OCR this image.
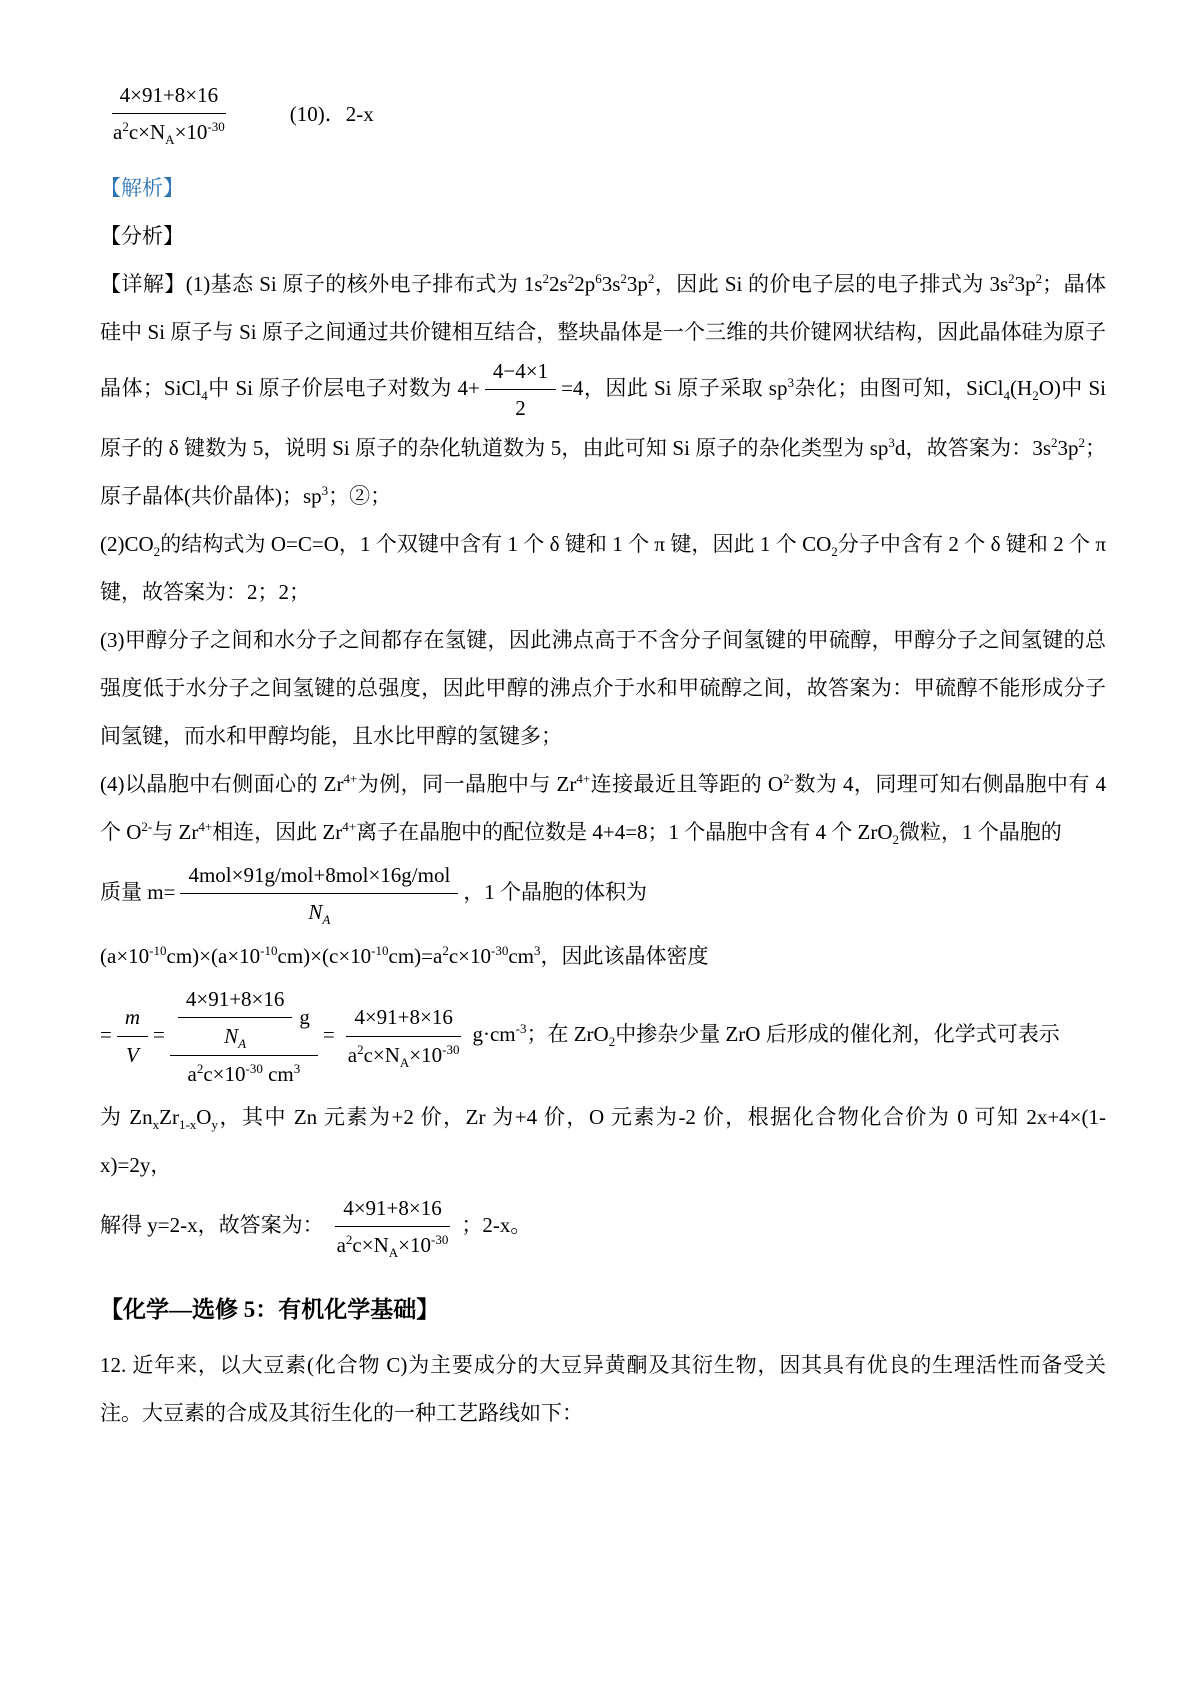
$\frac{4\times 91+8\times 16}{a^2c\times N_A\times 10^{-30}}$	(10)．2-x

【解析】

【分析】

【详解】(1)基态 Si 原子的核外电子排布式为 $1s^22s^22p^63s^23p^2$，因此 Si 的价电子层的电子排式为 $3s^23p^2$；晶体硅中 Si 原子与 Si 原子之间通过共价键相互结合，整块晶体是一个三维的共价键网状结构，因此晶体硅为原子晶体；SiCl$_4$中 Si 原子价层电子对数为 $4+ \frac{4-4\times 1}{2} =4$，因此 Si 原子采取 $sp^3$杂化；由图可知，$SiCl_4(H_2O)$中 Si 原子的 δ 键数为 5，说明 Si 原子的杂化轨道数为 5，由此可知 Si 原子的杂化类型为 $sp^3d$，故答案为：$3s^23p^2$；原子晶体(共价晶体)；$sp^3$；②；

$(2)CO_2$的结构式为 O=C=O，1 个双键中含有 1 个 δ 键和 1 个 π 键，因此 1 个 $CO_2$分子中含有 2 个 δ 键和 2 个 π 键，故答案为：2；2；

(3)甲醇分子之间和水分子之间都存在氢键，因此沸点高于不含分子间氢键的甲硫醇，甲醇分子之间氢键的总强度低于水分子之间氢键的总强度，因此甲醇的沸点介于水和甲硫醇之间，故答案为：甲硫醇不能形成分子间氢键，而水和甲醇均能，且水比甲醇的氢键多；

(4)以晶胞中右侧面心的 $Zr^{4+}$为例，同一晶胞中与 $Zr^{4+}$连接最近且等距的 $O^{2-}$数为 4，同理可知右侧晶胞中有 4 个 $O^{2-}$与 $Zr^{4+}$相连，因此 $Zr^{4+}$离子在晶胞中的配位数是 4+4=8；1 个晶胞中含有 4 个 ZrO$_2$微粒，1 个晶胞的

质量 $m= \frac{\text{4mol×91g/mol+8mol×16g/mol}}{N_A}$ ，1 个晶胞的体积为

$(a\times 10^{-10}cm)\times(a\times 10^{-10}cm)\times(c\times 10^{-10}cm)=a^2c\times 10^{-30}cm^3$，因此该晶体密度

= $\frac{m}{V} = \frac{\frac{4\times 91+8\times 16}{N_A} g}{a^2c\times 10^{-30} cm^3} = \frac{4\times 91+8\times 16}{a^2c\times N_A\times 10^{-30}} g\cdot cm^{-3}$；在 ZrO$_2$中掺杂少量 ZrO 后形成的催化剂，化学式可表示

为 $Zn_xZr_{1-x}O_y$，其中 Zn 元素为+2 价，Zr 为+4 价，O 元素为-2 价，根据化合物化合价为 0 可知 2x+4×(1-x)=2y，

解得 y=2-x，故答案为： $\frac{4\times 91+8\times 16}{a^2c\times N_A\times 10^{-30}}$ ；2-x。
【化学—选修 5：有机化学基础】

12. 近年来，以大豆素(化合物 C)为主要成分的大豆异黄酮及其衍生物，因其具有优良的生理活性而备受关注。大豆素的合成及其衍生化的一种工艺路线如下：
